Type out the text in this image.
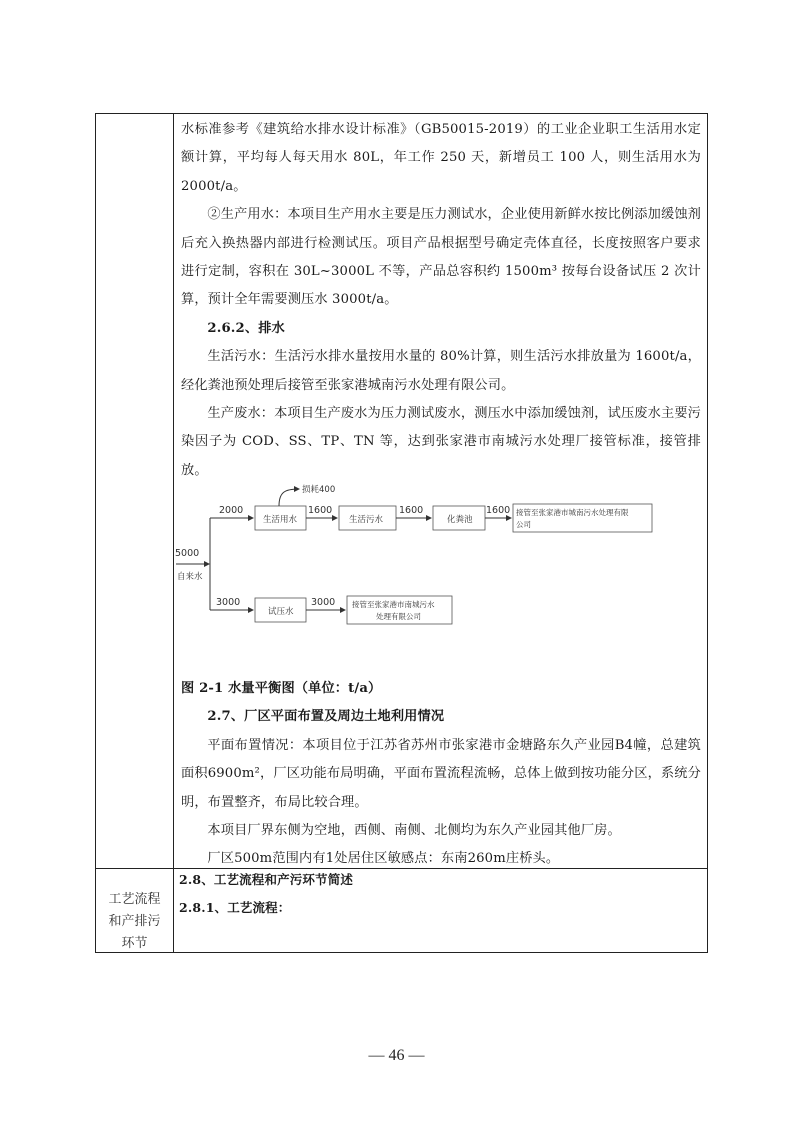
水标准参考《建筑给水排水设计标准》（GB50015-2019）的工业企业职工生活用水定额计算，平均每人每天用水 80L，年工作 250 天，新增员工 100 人，则生活用水为 2000t/a。

②生产用水：本项目生产用水主要是压力测试水，企业使用新鲜水按比例添加缓蚀剂后充入换热器内部进行检测试压。项目产品根据型号确定壳体直径，长度按照客户要求进行定制，容积在 30L~3000L 不等，产品总容积约 1500m³ 按每台设备试压 2 次计算，预计全年需要测压水 3000t/a。

2.6.2、排水

生活污水：生活污水排水量按用水量的 80%计算，则生活污水排放量为 1600t/a，经化粪池预处理后接管至张家港城南污水处理有限公司。

生产废水：本项目生产废水为压力测试废水，测压水中添加缓蚀剂，试压废水主要污染因子为 COD、SS、TP、TN 等，达到张家港市南城污水处理厂接管标准，接管排放。

5000
自来水
2000
生活用水
损耗400
1600
生活污水
1600
化粪池
1600 接管至张家港市城南污水处理有限
公司
3000
试压水
3000 接管至张家港市南城污水
处理有限公司

图 2-1 水量平衡图（单位：t/a）

2.7、厂区平面布置及周边土地利用情况

平面布置情况：本项目位于江苏省苏州市张家港市金塘路东久产业园B4幢，总建筑面积6900m²，厂区功能布局明确，平面布置流程流畅，总体上做到按功能分区，系统分明，布置整齐，布局比较合理。

本项目厂界东侧为空地，西侧、南侧、北侧均为东久产业园其他厂房。

厂区500m范围内有1处居住区敏感点：东南260m庄桥头。

工艺流程
和产排污
环节

2.8、工艺流程和产污环节简述

2.8.1、工艺流程：

— 46 —
